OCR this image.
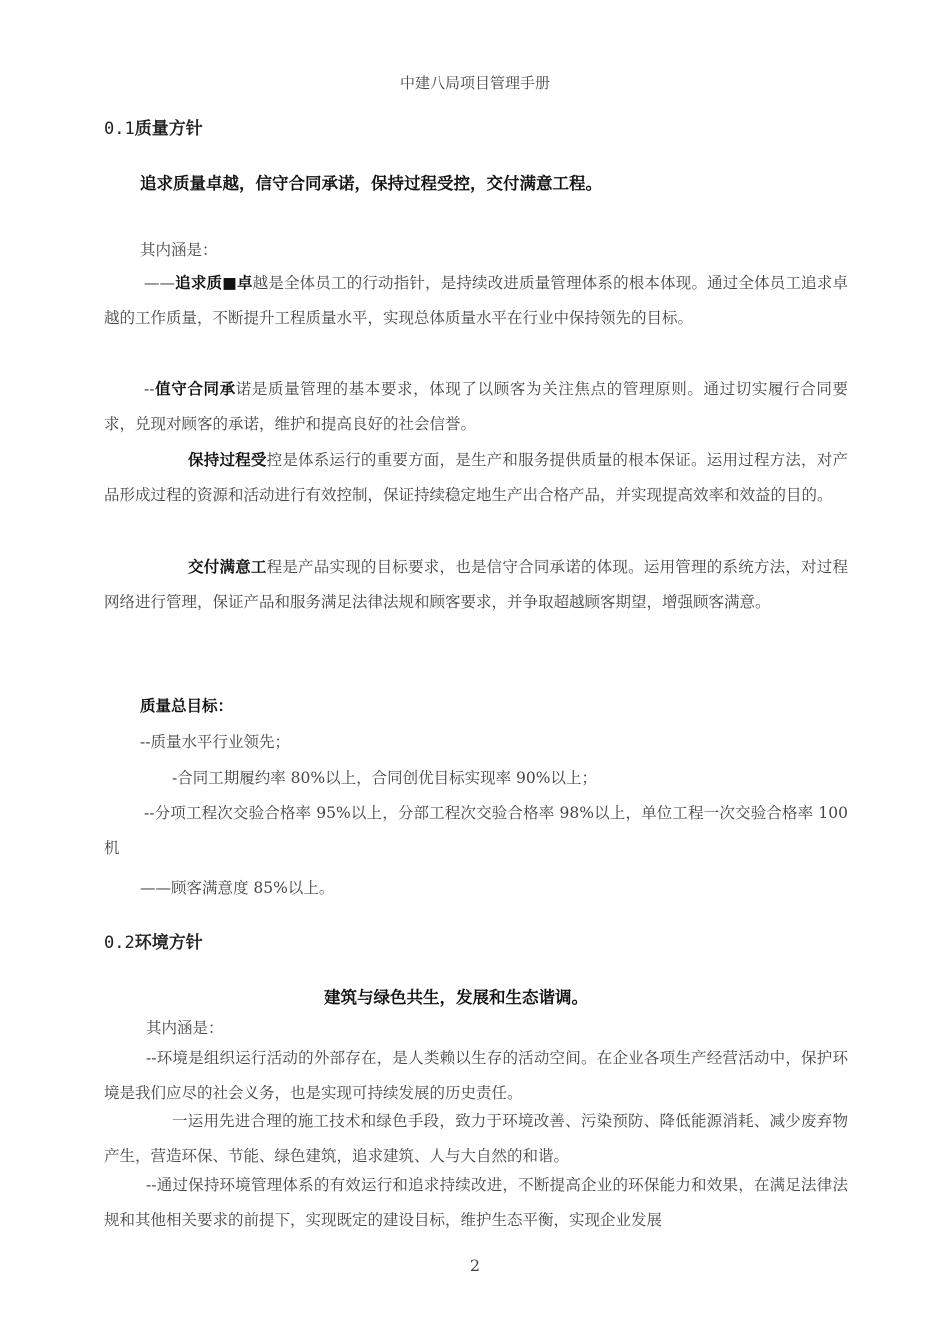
中建八局项目管理手册
0.1质量方针
追求质量卓越，信守合同承诺，保持过程受控，交付满意工程。
其内涵是：
——追求质■卓越是全体员工的行动指针，是持续改进质量管理体系的根本体现。通过全体员工追求卓越的工作质量，不断提升工程质量水平，实现总体质量水平在行业中保持领先的目标。
--值守合同承诺是质量管理的基本要求，体现了以顾客为关注焦点的管理原则。通过切实履行合同要求，兑现对顾客的承诺，维护和提高良好的社会信誉。
保持过程受控是体系运行的重要方面，是生产和服务提供质量的根本保证。运用过程方法，对产品形成过程的资源和活动进行有效控制，保证持续稳定地生产出合格产品，并实现提高效率和效益的目的。
交付满意工程是产品实现的目标要求，也是信守合同承诺的体现。运用管理的系统方法，对过程网络进行管理，保证产品和服务满足法律法规和顾客要求，并争取超越顾客期望，增强顾客满意。
质量总目标：
--质量水平行业领先；
-合同工期履约率 80%以上，合同创优目标实现率 90%以上；
--分项工程次交验合格率 95%以上，分部工程次交验合格率 98%以上，单位工程一次交验合格率 100 机
——顾客满意度 85%以上。
0.2环境方针
建筑与绿色共生，发展和生态谐调。
其内涵是：
--环境是组织运行活动的外部存在，是人类赖以生存的活动空间。在企业各项生产经营活动中，保护环境是我们应尽的社会义务，也是实现可持续发展的历史责任。
一运用先进合理的施工技术和绿色手段，致力于环境改善、污染预防、降低能源消耗、减少废弃物产生，营造环保、节能、绿色建筑，追求建筑、人与大自然的和谐。
--通过保持环境管理体系的有效运行和追求持续改进，不断提高企业的环保能力和效果，在满足法律法规和其他相关要求的前提下，实现既定的建设目标，维护生态平衡，实现企业发展
2
